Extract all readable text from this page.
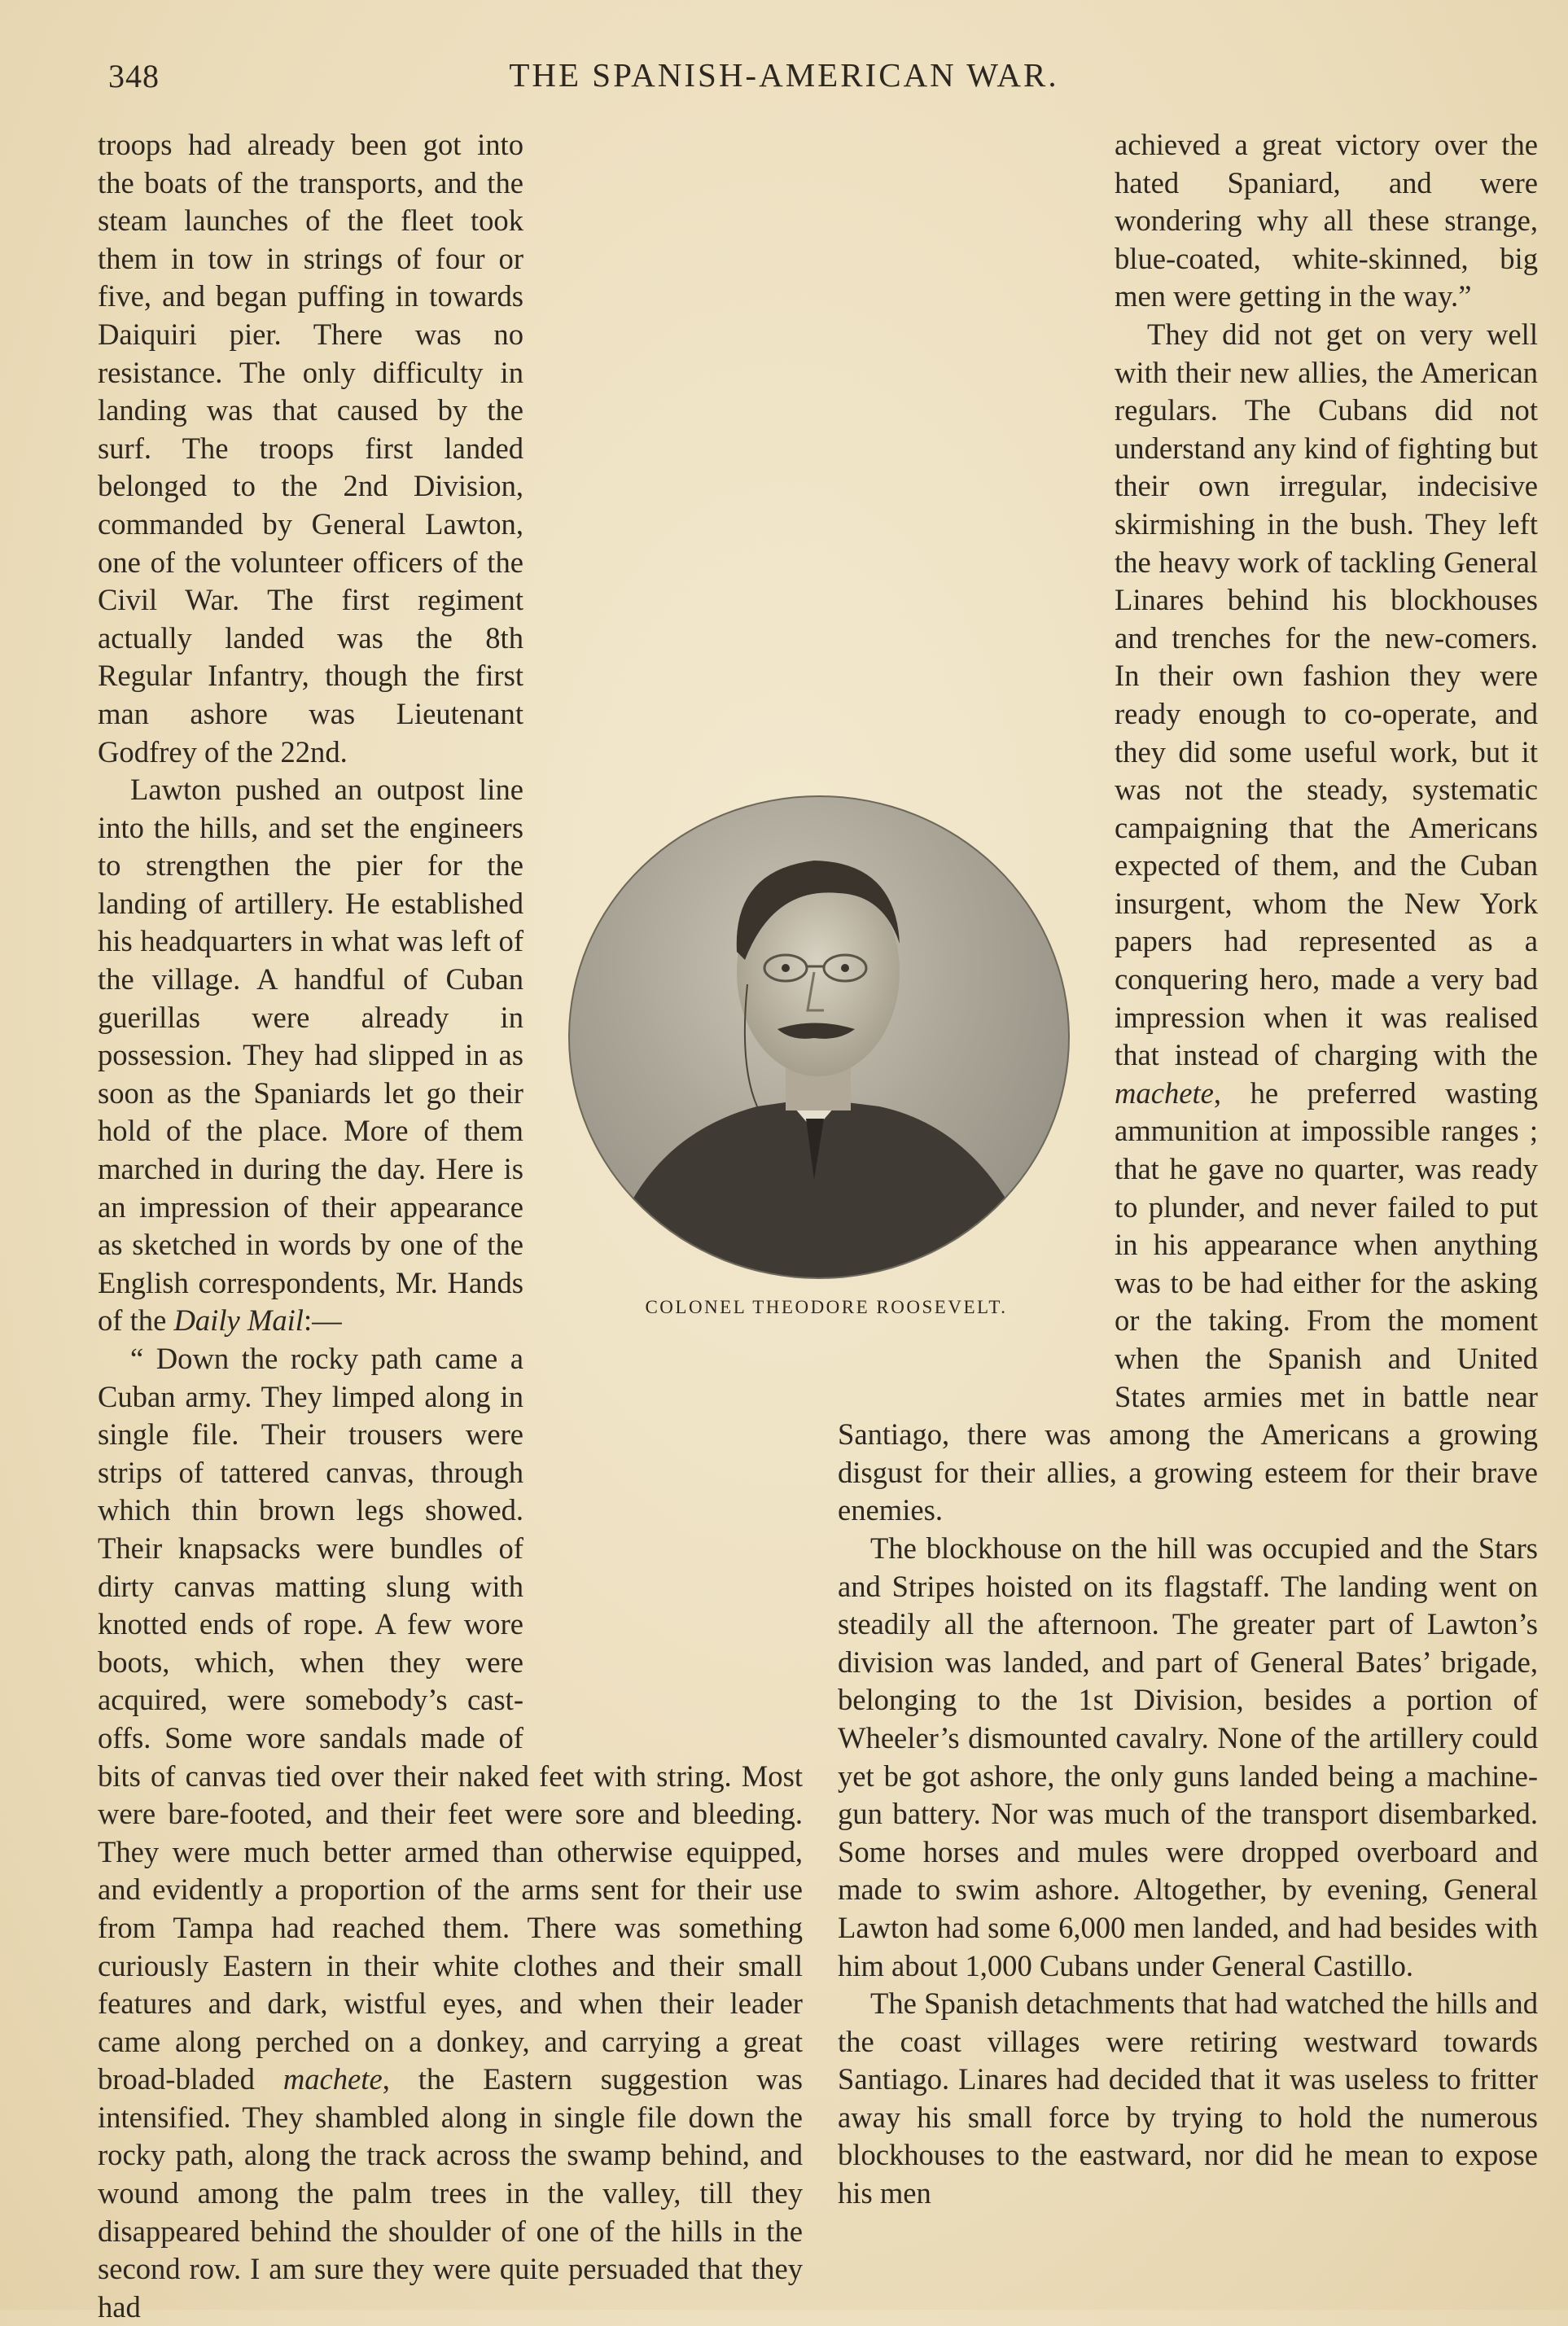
348	THE SPANISH-AMERICAN WAR.

troops had already been got into the boats of the transports, and the steam launches of the fleet took them in tow in strings of four or five, and began puffing in towards Daiquiri pier. There was no resistance. The only difficulty in landing was that caused by the surf. The troops first landed belonged to the 2nd Division, commanded by General Lawton, one of the volunteer officers of the Civil War. The first regiment actually landed was the 8th Regular Infantry, though the first man ashore was Lieutenant Godfrey of the 22nd.

Lawton pushed an outpost line into the hills, and set the engineers to strengthen the pier for the landing of artillery. He established his headquarters in what was left of the village. A handful of Cuban guerillas were already in possession. They had slipped in as soon as the Spaniards let go their hold of the place. More of them marched in during the day. Here is an impression of their appearance as sketched in words by one of the English correspondents, Mr. Hands of the Daily Mail:—

“ Down the rocky path came a Cuban army. They limped along in single file. Their trousers were strips of tattered canvas, through which thin brown legs showed. Their knapsacks were bundles of dirty canvas matting slung with knotted ends of rope. A few wore boots, which, when they were acquired, were somebody’s cast-offs. Some wore sandals made of bits of canvas tied over their naked feet with string. Most were bare-footed, and their feet were sore and bleeding. They were much better armed than otherwise equipped, and evidently a proportion of the arms sent for their use from Tampa had reached them. There was something curiously Eastern in their white clothes and their small features and dark, wistful eyes, and when their leader came along perched on a donkey, and carrying a great broad-bladed machete, the Eastern suggestion was intensified. They shambled along in single file down the rocky path, along the track across the swamp behind, and wound among the palm trees in the valley, till they disappeared behind the shoulder of one of the hills in the second row. I am sure they were quite persuaded that they had

achieved a great victory over the hated Spaniard, and were wondering why all these strange, blue-coated, white-skinned, big men were getting in the way.”

They did not get on very well with their new allies, the American regulars. The Cubans did not understand any kind of fighting but their own irregular, indecisive skirmishing in the bush. They left the heavy work of tackling General Linares behind his blockhouses and trenches for the new-comers. In their own fashion they were ready enough to co-operate, and they did some useful work, but it was not the steady, systematic campaigning that the Americans expected of them, and the Cuban insurgent, whom the New York papers had represented as a conquering hero, made a very bad impression when it was realised that instead of charging with the machete, he preferred wasting ammunition at impossible ranges ; that he gave no quarter, was ready to plunder, and never failed to put in his appearance when anything was to be had either for the asking or the taking. From the moment when the Spanish and United States armies met in battle near Santiago, there was among the Americans a growing disgust for their allies, a growing esteem for their brave enemies.

The blockhouse on the hill was occupied and the Stars and Stripes hoisted on its flagstaff. The landing went on steadily all the afternoon. The greater part of Lawton’s division was landed, and part of General Bates’ brigade, belonging to the 1st Division, besides a portion of Wheeler’s dismounted cavalry. None of the artillery could yet be got ashore, the only guns landed being a machine-gun battery. Nor was much of the transport disembarked. Some horses and mules were dropped overboard and made to swim ashore. Altogether, by evening, General Lawton had some 6,000 men landed, and had besides with him about 1,000 Cubans under General Castillo.

The Spanish detachments that had watched the hills and the coast villages were retiring westward towards Santiago. Linares had decided that it was useless to fritter away his small force by trying to hold the numerous blockhouses to the eastward, nor did he mean to expose his men

COLONEL THEODORE ROOSEVELT.
